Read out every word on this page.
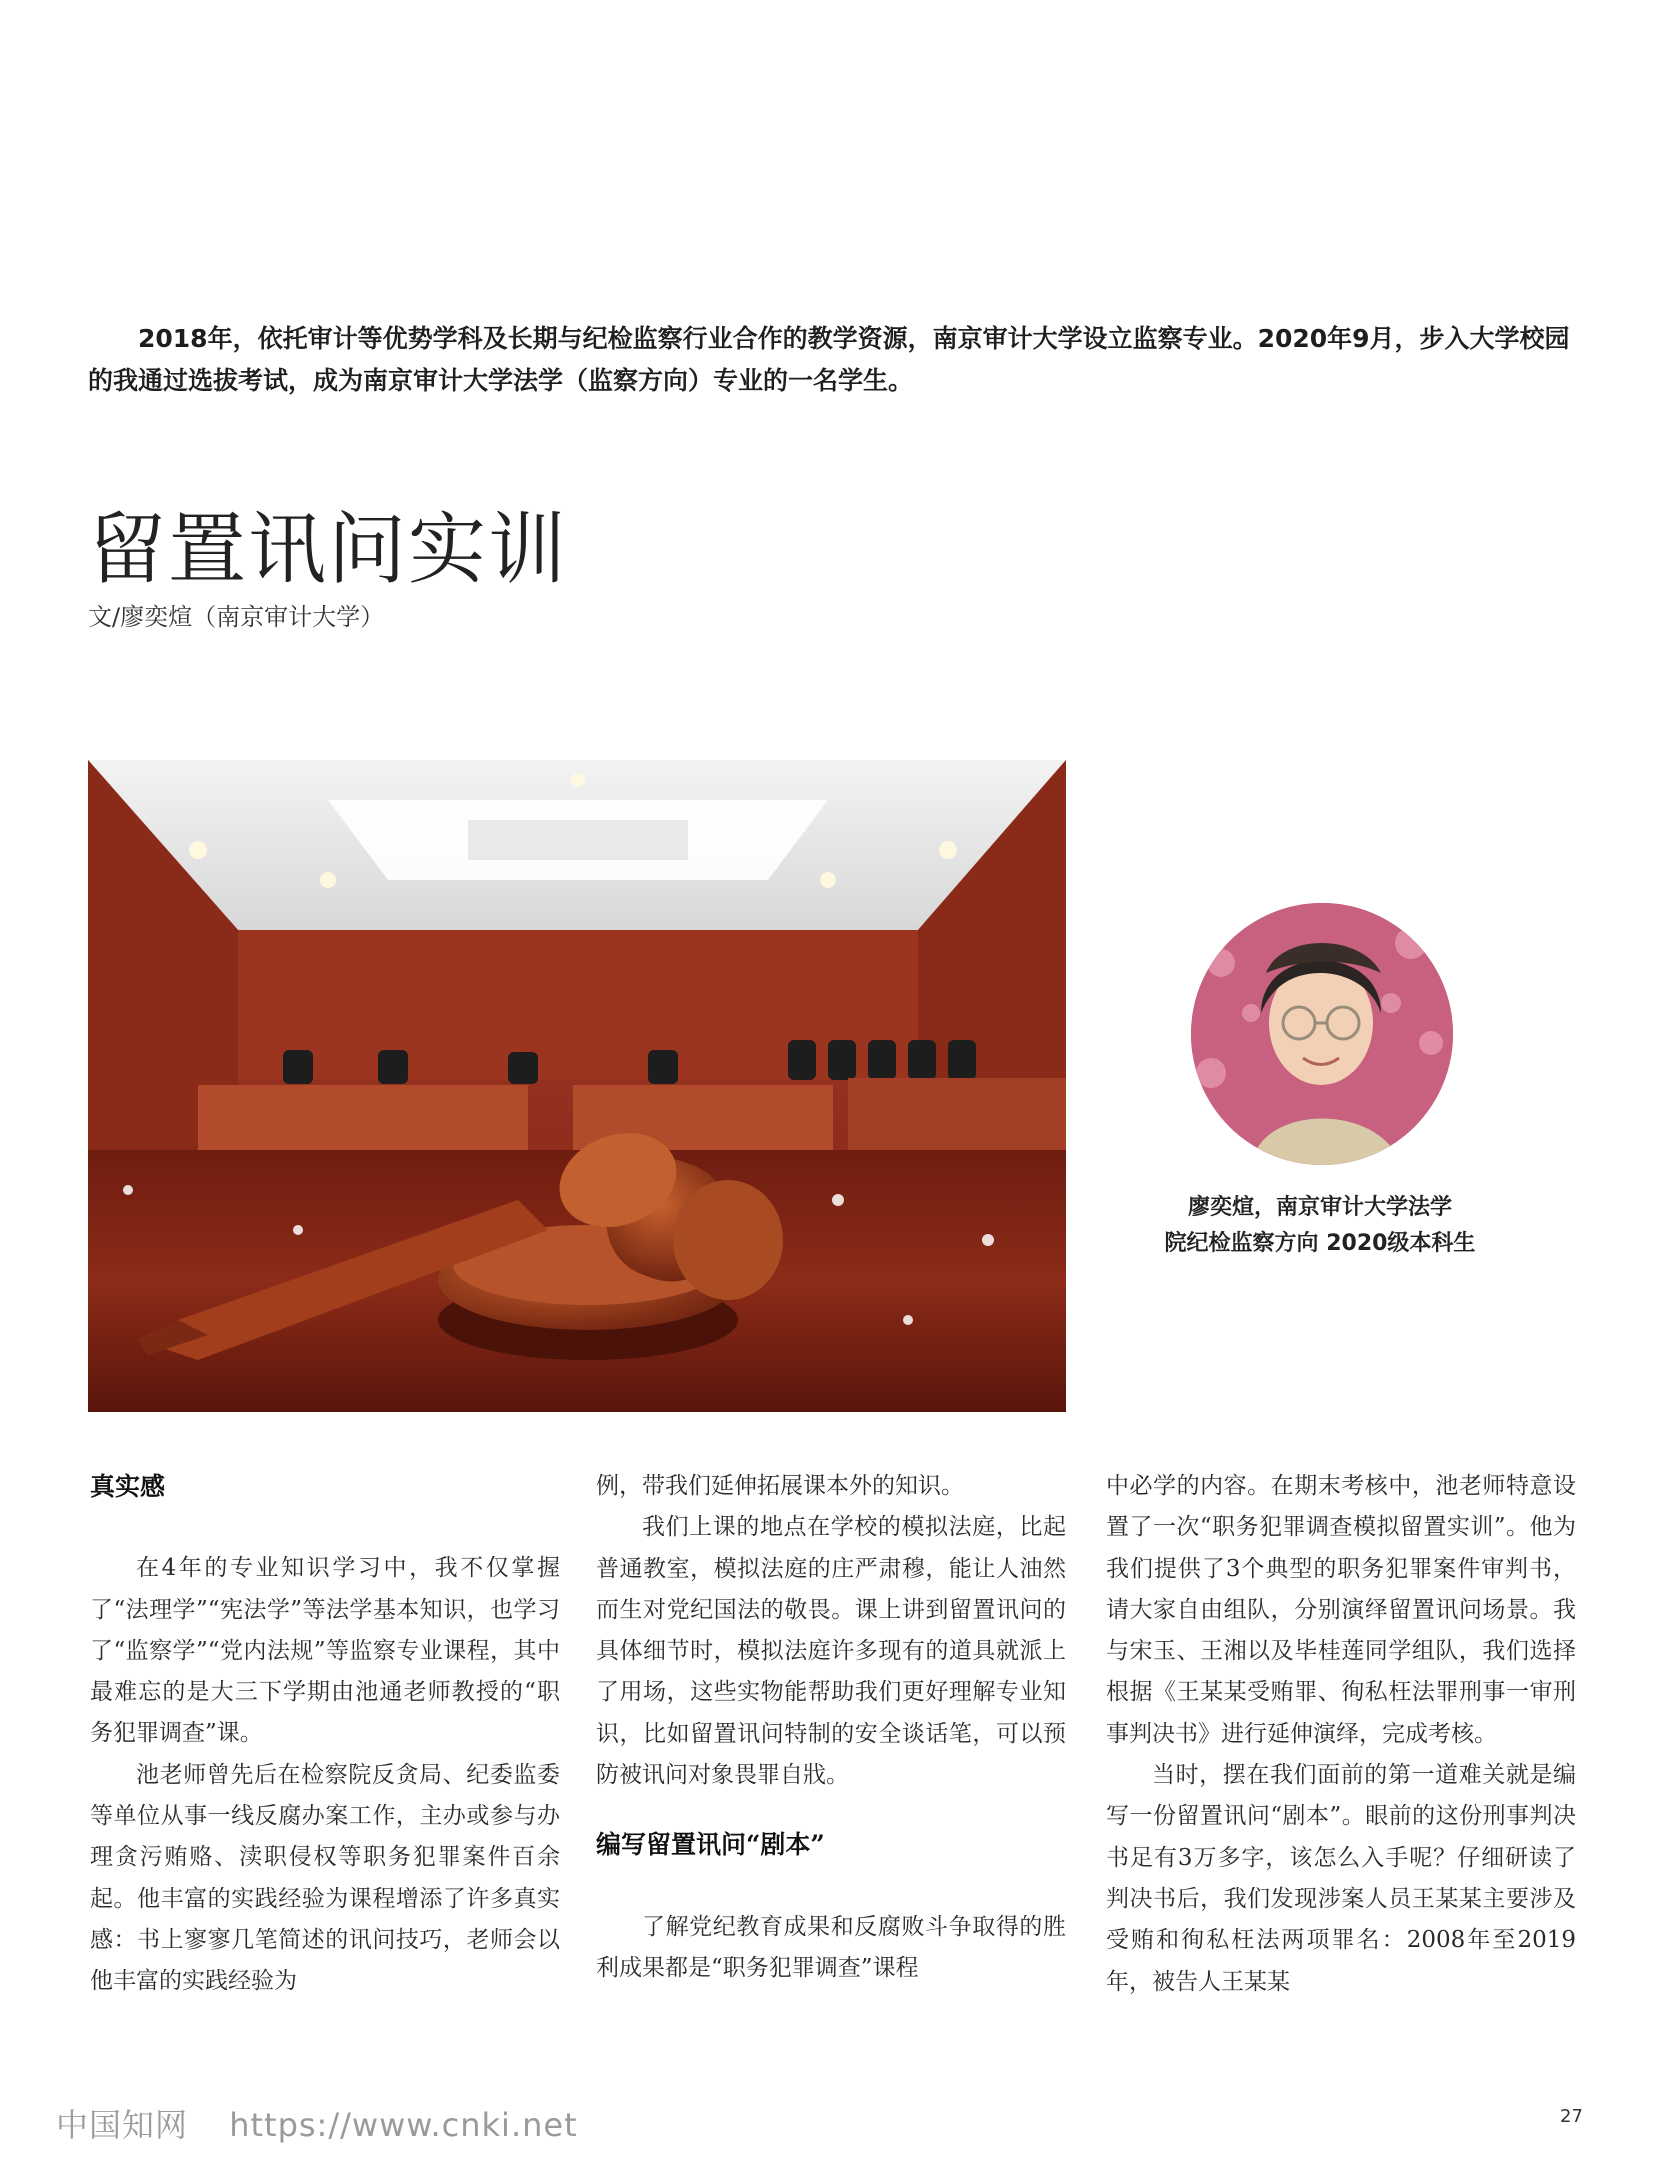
2018年，依托审计等优势学科及长期与纪检监察行业合作的教学资源，南京审计大学设立监察专业。2020年9月，步入大学校园的我通过选拔考试，成为南京审计大学法学（监察方向）专业的一名学生。

留置讯问实训

文/廖奕煊（南京审计大学）

廖奕煊，南京审计大学法学
院纪检监察方向 2020级本科生
真实感

在4年的专业知识学习中，我不仅掌握了“法理学”“宪法学”等法学基本知识，也学习了“监察学”“党内法规”等监察专业课程，其中最难忘的是大三下学期由池通老师教授的“职务犯罪调查”课。

池老师曾先后在检察院反贪局、纪委监委等单位从事一线反腐办案工作，主办或参与办理贪污贿赂、渎职侵权等职务犯罪案件百余起。他丰富的实践经验为课程增添了许多真实感：书上寥寥几笔简述的讯问技巧，老师会以他丰富的实践经验为

例，带我们延伸拓展课本外的知识。

我们上课的地点在学校的模拟法庭，比起普通教室，模拟法庭的庄严肃穆，能让人油然而生对党纪国法的敬畏。课上讲到留置讯问的具体细节时，模拟法庭许多现有的道具就派上了用场，这些实物能帮助我们更好理解专业知识，比如留置讯问特制的安全谈话笔，可以预防被讯问对象畏罪自戕。

编写留置讯问“剧本”

了解党纪教育成果和反腐败斗争取得的胜利成果都是“职务犯罪调查”课程

中必学的内容。在期末考核中，池老师特意设置了一次“职务犯罪调查模拟留置实训”。他为我们提供了3个典型的职务犯罪案件审判书，请大家自由组队，分别演绎留置讯问场景。我与宋玉、王湘以及毕桂莲同学组队，我们选择根据《王某某受贿罪、徇私枉法罪刑事一审刑事判决书》进行延伸演绎，完成考核。

当时，摆在我们面前的第一道难关就是编写一份留置讯问“剧本”。眼前的这份刑事判决书足有3万多字，该怎么入手呢？仔细研读了判决书后，我们发现涉案人员王某某主要涉及受贿和徇私枉法两项罪名：2008年至2019年，被告人王某某

27
中国知网 https://www.cnki.net
